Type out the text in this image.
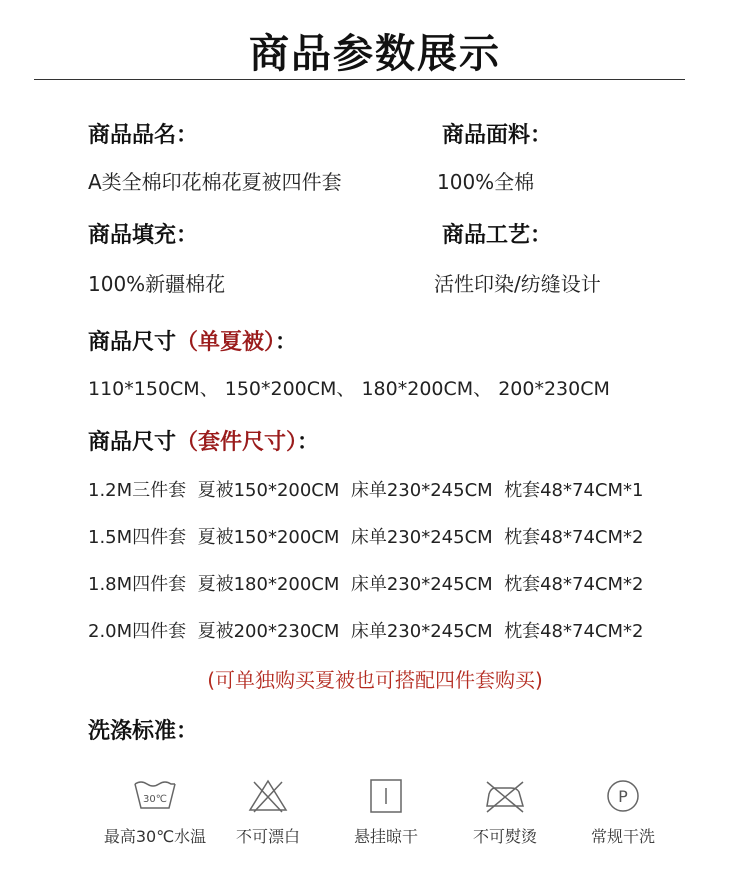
商品参数展示
商品品名：	商品面料：
A类全棉印花棉花夏被四件套	100%全棉
商品填充：	商品工艺：
100%新疆棉花	活性印染/纺缝设计
商品尺寸（单夏被）：
110*150CM、 150*200CM、 180*200CM、 200*230CM
商品尺寸（套件尺寸）：
1.2M三件套  夏被150*200CM  床单230*245CM  枕套48*74CM*1
1.5M四件套  夏被150*200CM  床单230*245CM  枕套48*74CM*2
1.8M四件套  夏被180*200CM  床单230*245CM  枕套48*74CM*2
2.0M四件套  夏被200*230CM  床单230*245CM  枕套48*74CM*2
(可单独购买夏被也可搭配四件套购买)
洗涤标准：
30℃
最高30℃水温	不可漂白	悬挂晾干	不可熨烫
P
常规干洗
